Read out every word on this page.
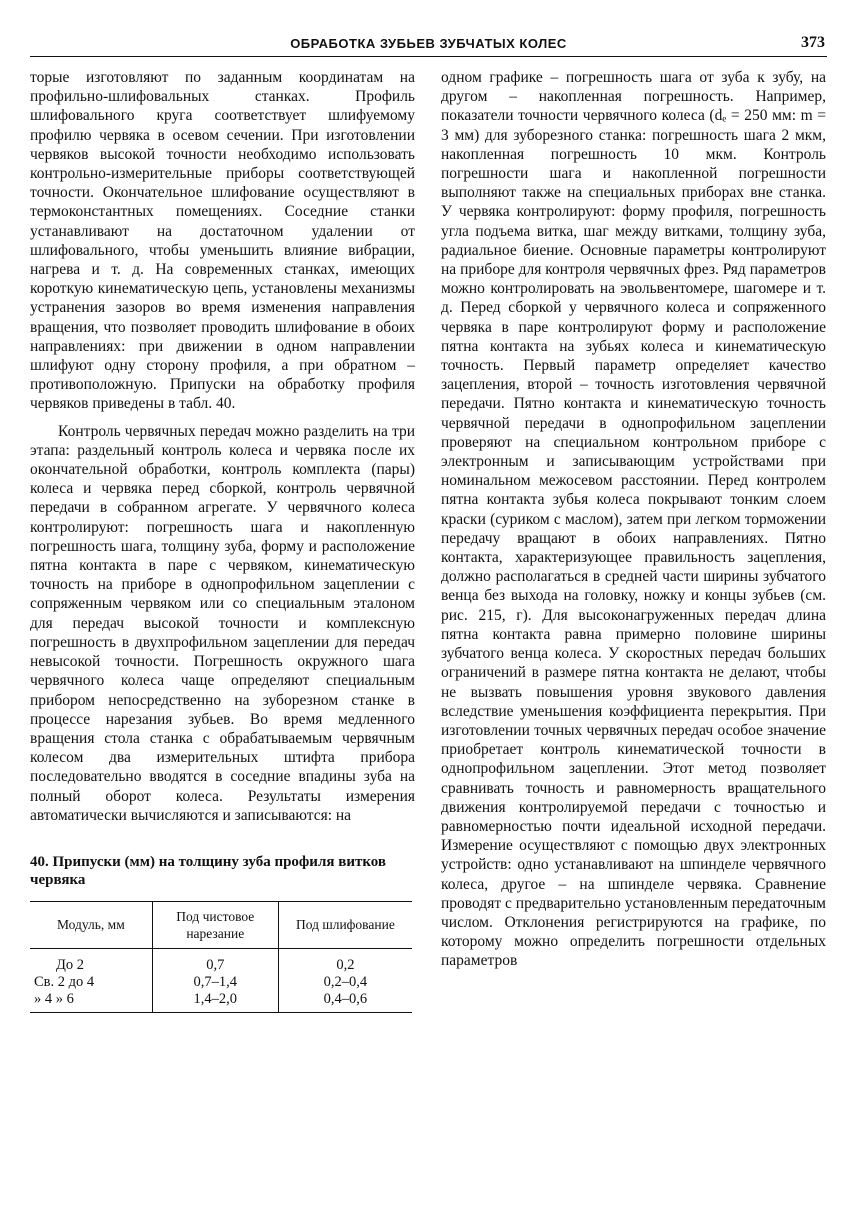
ОБРАБОТКА ЗУБЬЕВ ЗУБЧАТЫХ КОЛЕС	373

торые изготовляют по заданным координатам на профильно-шлифовальных станках. Профиль шлифовального круга соответствует шлифуемому профилю червяка в осевом сечении. При изготовлении червяков высокой точности необходимо использовать контрольно-измерительные приборы соответствующей точности. Окончательное шлифование осуществляют в термоконстантных помещениях. Соседние станки устанавливают на достаточном удалении от шлифовального, чтобы уменьшить влияние вибрации, нагрева и т. д. На современных станках, имеющих короткую кинематическую цепь, установлены механизмы устранения зазоров во время изменения направления вращения, что позволяет проводить шлифование в обоих направлениях: при движении в одном направлении шлифуют одну сторону профиля, а при обратном – противоположную. Припуски на обработку профиля червяков приведены в табл. 40.

Контроль червячных передач можно разделить на три этапа: раздельный контроль колеса и червяка после их окончательной обработки, контроль комплекта (пары) колеса и червяка перед сборкой, контроль червячной передачи в собранном агрегате. У червячного колеса контролируют: погрешность шага и накопленную погрешность шага, толщину зуба, форму и расположение пятна контакта в паре с червяком, кинематическую точность на приборе в однопрофильном зацеплении с сопряженным червяком или со специальным эталоном для передач высокой точности и комплексную погрешность в двухпрофильном зацеплении для передач невысокой точности. Погрешность окружного шага червячного колеса чаще определяют специальным прибором непосредственно на зуборезном станке в процессе нарезания зубьев. Во время медленного вращения стола станка с обрабатываемым червячным колесом два измерительных штифта прибора последовательно вводятся в соседние впадины зуба на полный оборот колеса. Результаты измерения автоматически вычисляются и записываются: на

40. Припуски (мм) на толщину зуба профиля витков червяка
Модуль, мм	Под чистовое нарезание	Под шлифование
До 2	0,7	0,2
Св. 2 до 4	0,7–1,4	0,2–0,4
» 4 » 6	1,4–2,0	0,4–0,6

одном графике – погрешность шага от зуба к зубу, на другом – накопленная погрешность. Например, показатели точности червячного колеса (dₑ = 250 мм: m = 3 мм) для зуборезного станка: погрешность шага 2 мкм, накопленная погрешность 10 мкм. Контроль погрешности шага и накопленной погрешности выполняют также на специальных приборах вне станка. У червяка контролируют: форму профиля, погрешность угла подъема витка, шаг между витками, толщину зуба, радиальное биение. Основные параметры контролируют на приборе для контроля червячных фрез. Ряд параметров можно контролировать на эвольвентомере, шагомере и т. д. Перед сборкой у червячного колеса и сопряженного червяка в паре контролируют форму и расположение пятна контакта на зубьях колеса и кинематическую точность. Первый параметр определяет качество зацепления, второй – точность изготовления червячной передачи. Пятно контакта и кинематическую точность червячной передачи в однопрофильном зацеплении проверяют на специальном контрольном приборе с электронным и записывающим устройствами при номинальном межосевом расстоянии. Перед контролем пятна контакта зубья колеса покрывают тонким слоем краски (суриком с маслом), затем при легком торможении передачу вращают в обоих направлениях. Пятно контакта, характеризующее правильность зацепления, должно располагаться в средней части ширины зубчатого венца без выхода на головку, ножку и концы зубьев (см. рис. 215, г). Для высоконагруженных передач длина пятна контакта равна примерно половине ширины зубчатого венца колеса. У скоростных передач больших ограничений в размере пятна контакта не делают, чтобы не вызвать повышения уровня звукового давления вследствие уменьшения коэффициента перекрытия. При изготовлении точных червячных передач особое значение приобретает контроль кинематической точности в однопрофильном зацеплении. Этот метод позволяет сравнивать точность и равномерность вращательного движения контролируемой передачи с точностью и равномерностью почти идеальной исходной передачи. Измерение осуществляют с помощью двух электронных устройств: одно устанавливают на шпинделе червячного колеса, другое – на шпинделе червяка. Сравнение проводят с предварительно установленным передаточным числом. Отклонения регистрируются на графике, по которому можно определить погрешности отдельных параметров
